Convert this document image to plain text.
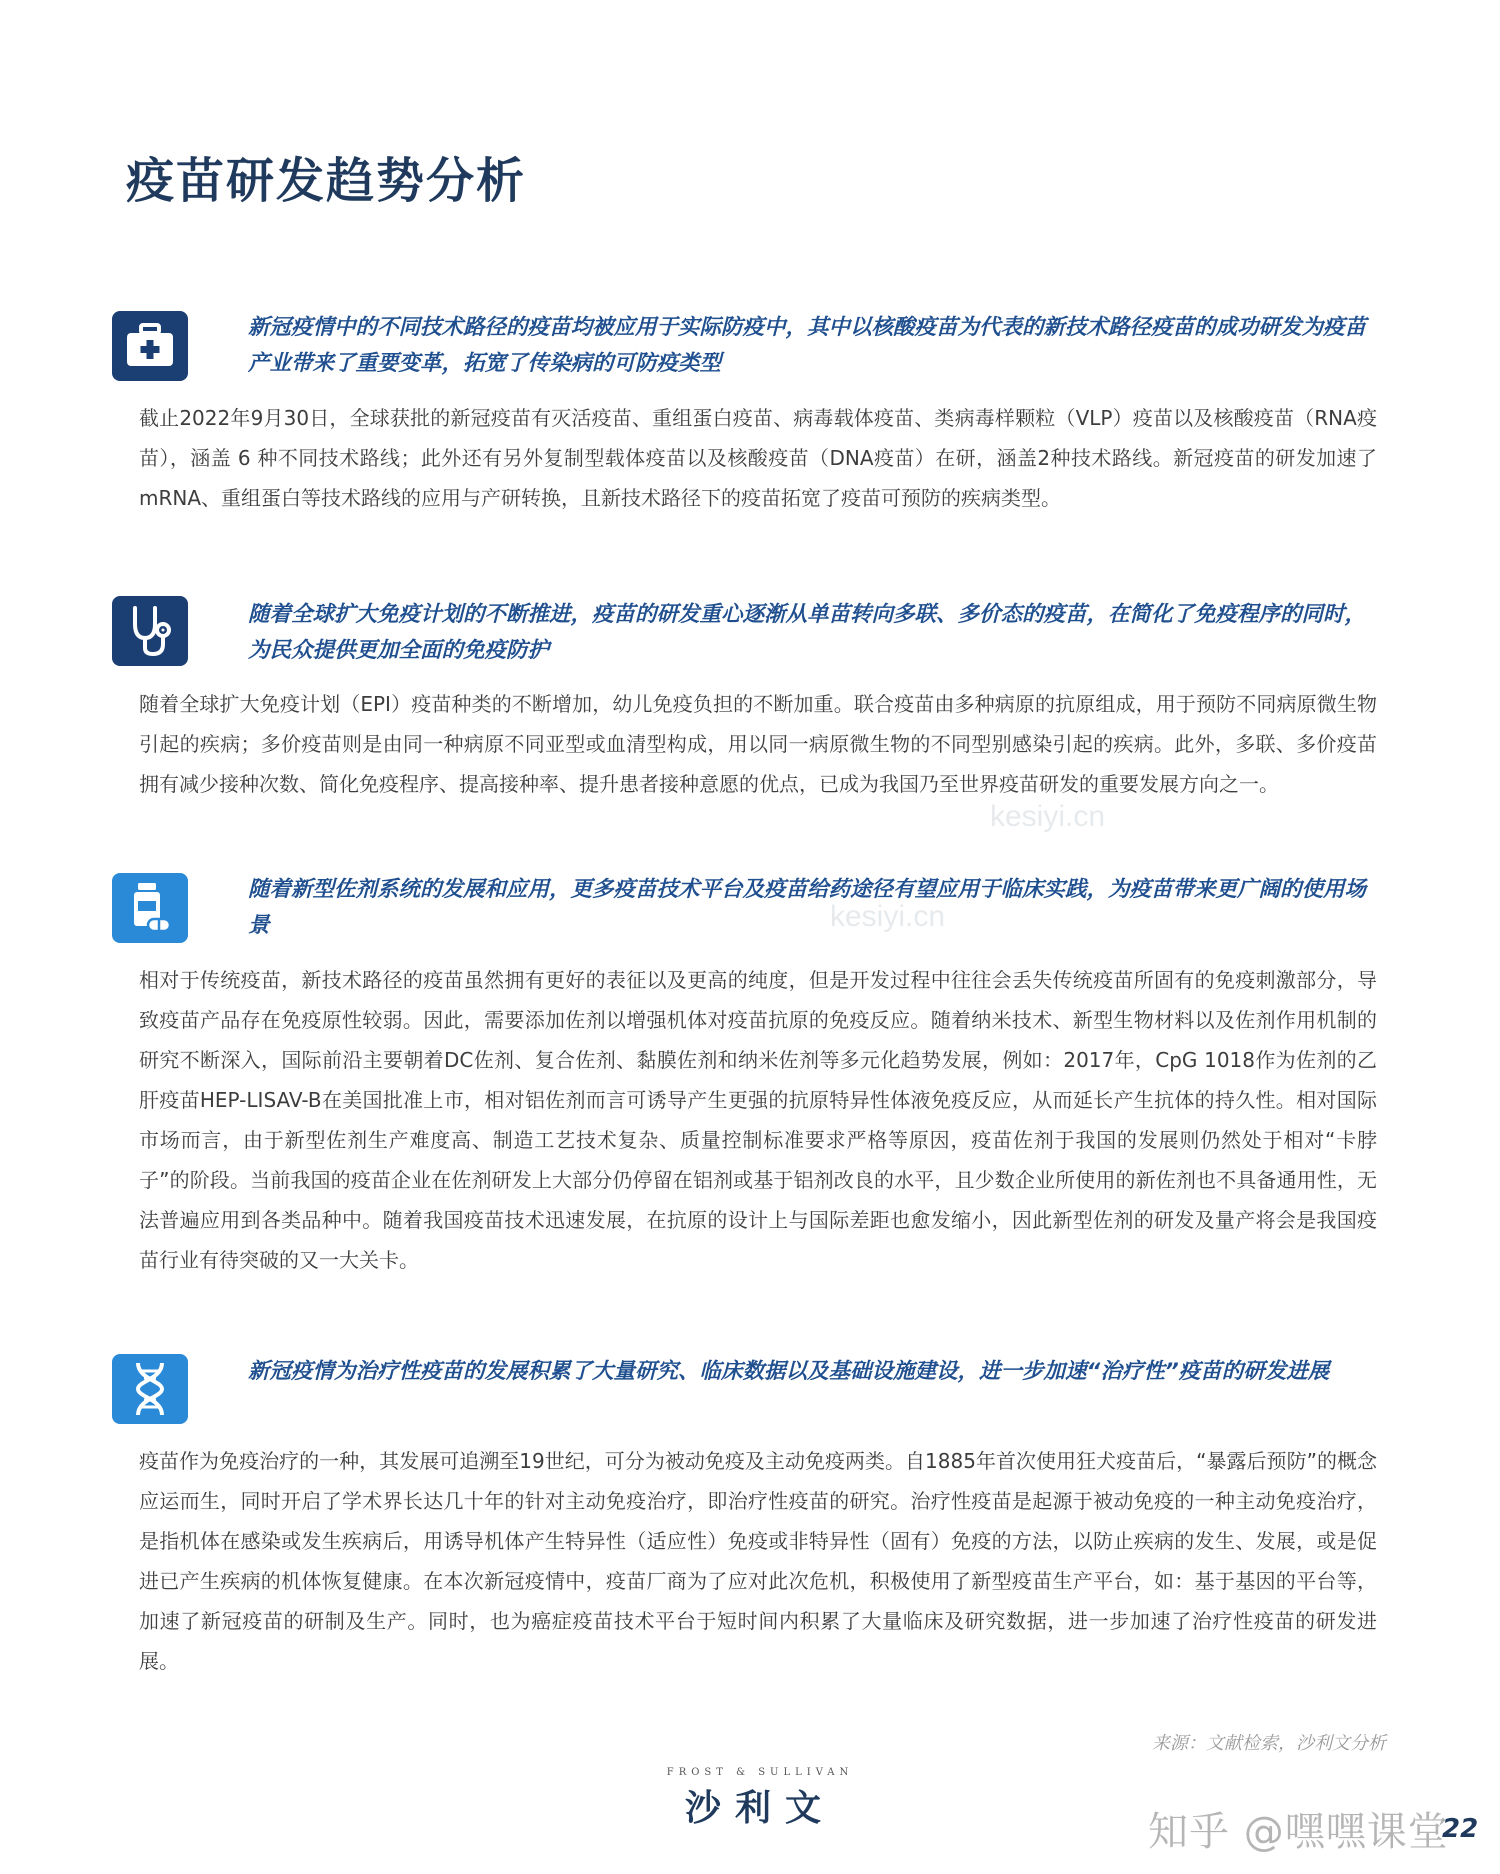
疫苗研发趋势分析
kesiyi.cn
kesiyi.cn

新冠疫情中的不同技术路径的疫苗均被应用于实际防疫中，其中以核酸疫苗为代表的新技术路径疫苗的成功研发为疫苗产业带来了重要变革，拓宽了传染病的可防疫类型

截止2022年9月30日，全球获批的新冠疫苗有灭活疫苗、重组蛋白疫苗、病毒载体疫苗、类病毒样颗粒（VLP）疫苗以及核酸疫苗（RNA疫苗），涵盖 6 种不同技术路线；此外还有另外复制型载体疫苗以及核酸疫苗（DNA疫苗）在研，涵盖2种技术路线。新冠疫苗的研发加速了mRNA、重组蛋白等技术路线的应用与产研转换，且新技术路径下的疫苗拓宽了疫苗可预防的疾病类型。

随着全球扩大免疫计划的不断推进，疫苗的研发重心逐渐从单苗转向多联、多价态的疫苗，在简化了免疫程序的同时，为民众提供更加全面的免疫防护

随着全球扩大免疫计划（EPI）疫苗种类的不断增加，幼儿免疫负担的不断加重。联合疫苗由多种病原的抗原组成，用于预防不同病原微生物引起的疾病；多价疫苗则是由同一种病原不同亚型或血清型构成，用以同一病原微生物的不同型别感染引起的疾病。此外，多联、多价疫苗拥有减少接种次数、简化免疫程序、提高接种率、提升患者接种意愿的优点，已成为我国乃至世界疫苗研发的重要发展方向之一。

随着新型佐剂系统的发展和应用，更多疫苗技术平台及疫苗给药途径有望应用于临床实践，为疫苗带来更广阔的使用场景

相对于传统疫苗，新技术路径的疫苗虽然拥有更好的表征以及更高的纯度，但是开发过程中往往会丢失传统疫苗所固有的免疫刺激部分，导致疫苗产品存在免疫原性较弱。因此，需要添加佐剂以增强机体对疫苗抗原的免疫反应。随着纳米技术、新型生物材料以及佐剂作用机制的研究不断深入，国际前沿主要朝着DC佐剂、复合佐剂、黏膜佐剂和纳米佐剂等多元化趋势发展，例如：2017年，CpG 1018作为佐剂的乙肝疫苗HEP-LISAV-B在美国批准上市，相对铝佐剂而言可诱导产生更强的抗原特异性体液免疫反应，从而延长产生抗体的持久性。相对国际市场而言，由于新型佐剂生产难度高、制造工艺技术复杂、质量控制标准要求严格等原因，疫苗佐剂于我国的发展则仍然处于相对“卡脖子”的阶段。当前我国的疫苗企业在佐剂研发上大部分仍停留在铝剂或基于铝剂改良的水平，且少数企业所使用的新佐剂也不具备通用性，无法普遍应用到各类品种中。随着我国疫苗技术迅速发展，在抗原的设计上与国际差距也愈发缩小，因此新型佐剂的研发及量产将会是我国疫苗行业有待突破的又一大关卡。

新冠疫情为治疗性疫苗的发展积累了大量研究、临床数据以及基础设施建设，进一步加速“治疗性”疫苗的研发进展

疫苗作为免疫治疗的一种，其发展可追溯至19世纪，可分为被动免疫及主动免疫两类。自1885年首次使用狂犬疫苗后，“暴露后预防”的概念应运而生，同时开启了学术界长达几十年的针对主动免疫治疗，即治疗性疫苗的研究。治疗性疫苗是起源于被动免疫的一种主动免疫治疗，是指机体在感染或发生疾病后，用诱导机体产生特异性（适应性）免疫或非特异性（固有）免疫的方法，以防止疾病的发生、发展，或是促进已产生疾病的机体恢复健康。在本次新冠疫情中，疫苗厂商为了应对此次危机，积极使用了新型疫苗生产平台，如：基于基因的平台等，加速了新冠疫苗的研制及生产。同时，也为癌症疫苗技术平台于短时间内积累了大量临床及研究数据，进一步加速了治疗性疫苗的研发进展。

来源：文献检索，沙利文分析
FROST & SULLIVAN
沙利文
知乎 @嘿嘿课堂
22
